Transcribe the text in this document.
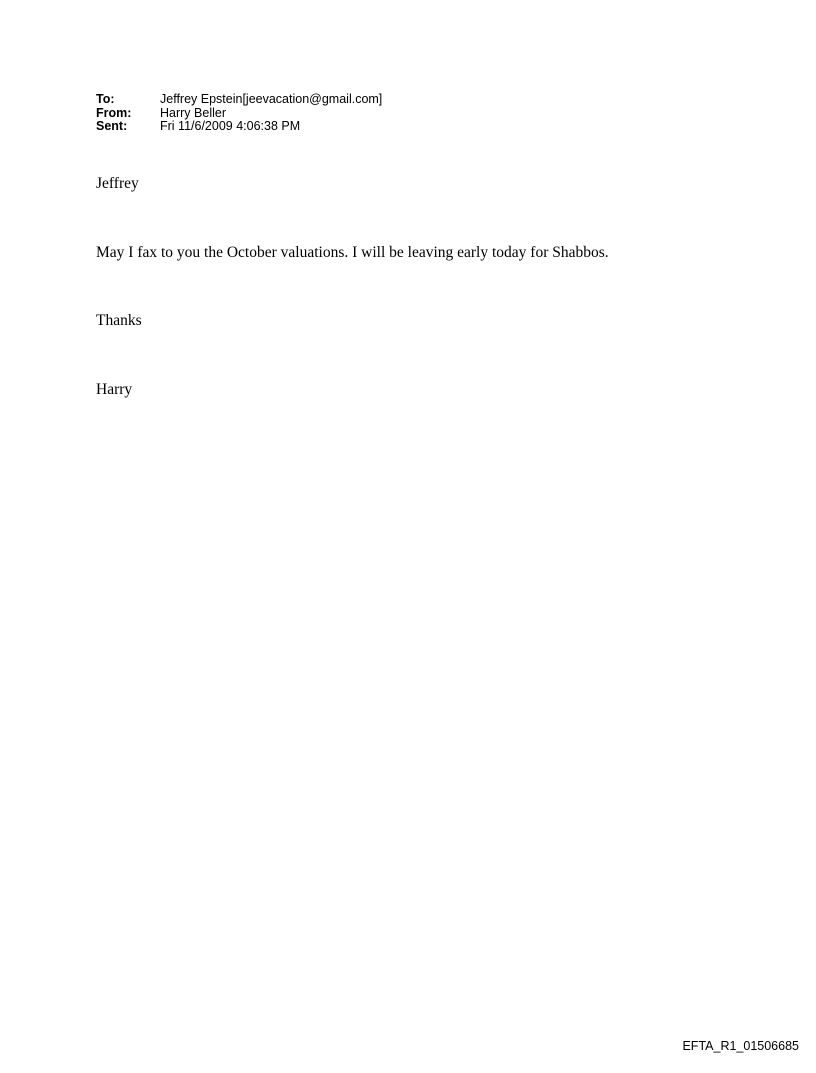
To:	Jeffrey Epstein[jeevacation@gmail.com]
From:	Harry Beller
Sent:	Fri 11/6/2009 4:06:38 PM
Jeffrey
May I fax to you the October valuations. I will be leaving early today for Shabbos.
Thanks
Harry
EFTA_R1_01506685
